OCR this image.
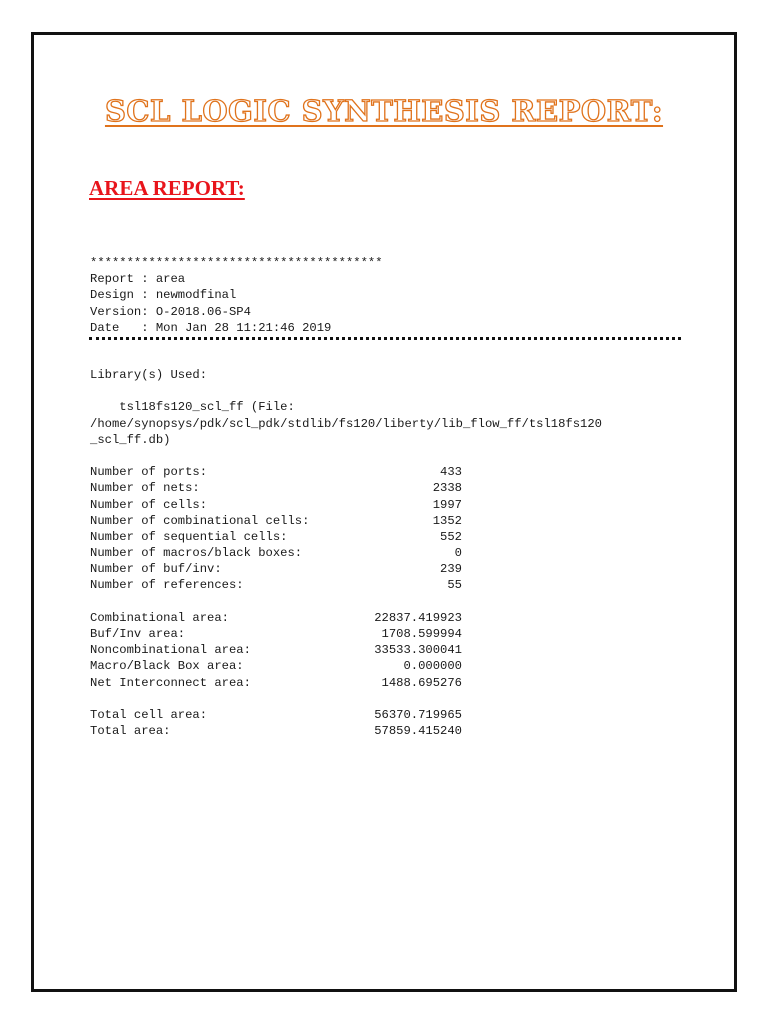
SCL LOGIC SYNTHESIS REPORT:
AREA REPORT:
****************************************
Report : area
Design : newmodfinal
Version: O-2018.06-SP4
Date   : Mon Jan 28 11:21:46 2019
Library(s) Used:
tsl18fs120_scl_ff (File:
/home/synopsys/pdk/scl_pdk/stdlib/fs120/liberty/lib_flow_ff/tsl18fs120
_scl_ff.db)
Number of ports:	433
Number of nets:	2338
Number of cells:	1997
Number of combinational cells:	1352
Number of sequential cells:	552
Number of macros/black boxes:	0
Number of buf/inv:	239
Number of references:	55
Combinational area:	22837.419923
Buf/Inv area:	1708.599994
Noncombinational area:	33533.300041
Macro/Black Box area:	0.000000
Net Interconnect area:	1488.695276
Total cell area:	56370.719965
Total area:	57859.415240
